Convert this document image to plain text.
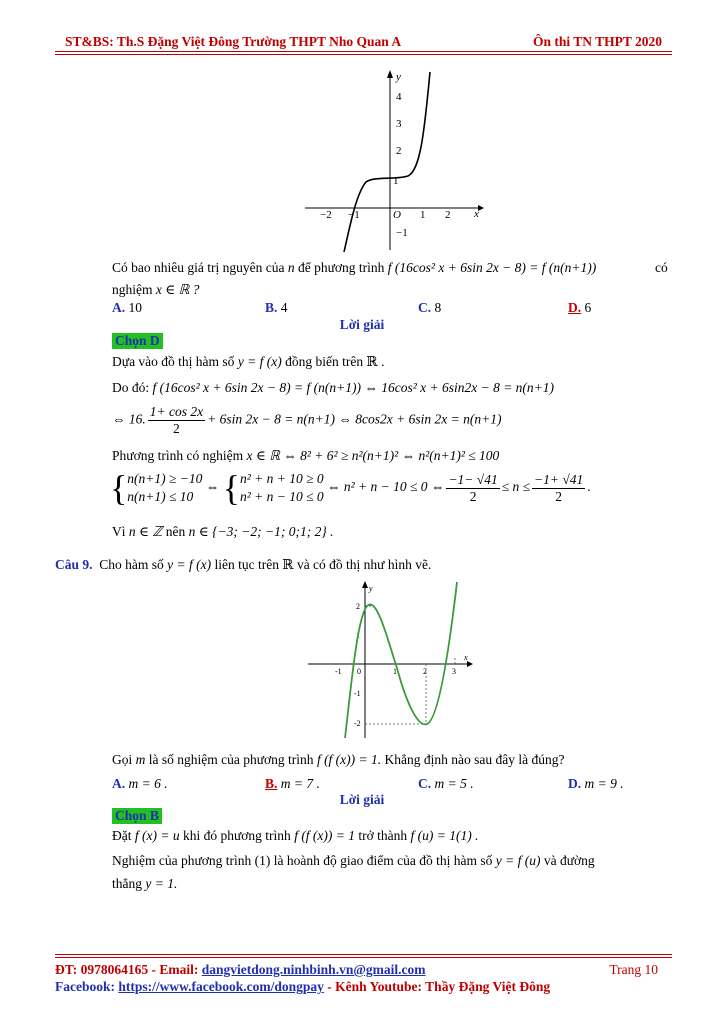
ST&BS: Th.S Đặng Việt Đông Trường THPT Nho Quan A	Ôn thi TN THPT 2020
y
x
−2 −1	O 1 2
4
3
2
1
−1
Có bao nhiêu giá trị nguyên của n để phương trình f (16cos² x + 6sin 2x − 8) = f (n(n+1))	có
nghiệm x ∈ ℝ ?
A. 10	B. 4	C. 8	D. 6
Lời giải
Chọn D
Dựa vào đồ thị hàm số y = f (x) đồng biến trên ℝ .
Do đó: f (16cos² x + 6sin 2x − 8) = f (n(n+1)) ⇔ 16cos² x + 6sin2x − 8 = n(n+1)
⇔ 16. $\frac{1+ \cos 2x}{2} + 6\sin$ 2x − 8 = n(n+1) ⇔ 8cos2x + 6sin 2x = n(n+1)
Phương trình có nghiệm x ∈ ℝ ⇔ 8² + 6² ≥ n²(n+1)² ⇔ n²(n+1)² ≤ 100
{ n(n+1) ≥ −10
n(n+1) ≤ 10
⇔ { n² + n + 10 ≥ 0
n² + n − 10 ≤ 0
⇔ n² + n − 10 ≤ 0 ⇔ $\frac{-1- √41}{2} \le n \le \frac{-1+ √41}{2}$ .
Vì n ∈ ℤ nên n ∈ {−3; −2; −1; 0;1; 2} .
Câu 9. Cho hàm số y = f (x) liên tục trên ℝ và có đồ thị như hình vẽ.
y
x
0
-1	1	2	3
2
1
-1
-2
Gọi m là số nghiệm của phương trình f (f (x)) = 1. Khẳng định nào sau đây là đúng?
A. m = 6 .	B. m = 7 .	C. m = 5 .	D. m = 9 .
Lời giải
Chọn B
Đặt f (x) = u khi đó phương trình f (f (x)) = 1 trở thành f (u) = 1(1) .
Nghiệm của phương trình (1) là hoành độ giao điểm của đồ thị hàm số y = f (u) và đường
thẳng y = 1.
ĐT: 0978064165 - Email: dangvietdong.ninhbinh.vn@gmail.com	Trang 10
Facebook: https://www.facebook.com/dongpay - Kênh Youtube: Thầy Đặng Việt Đông
